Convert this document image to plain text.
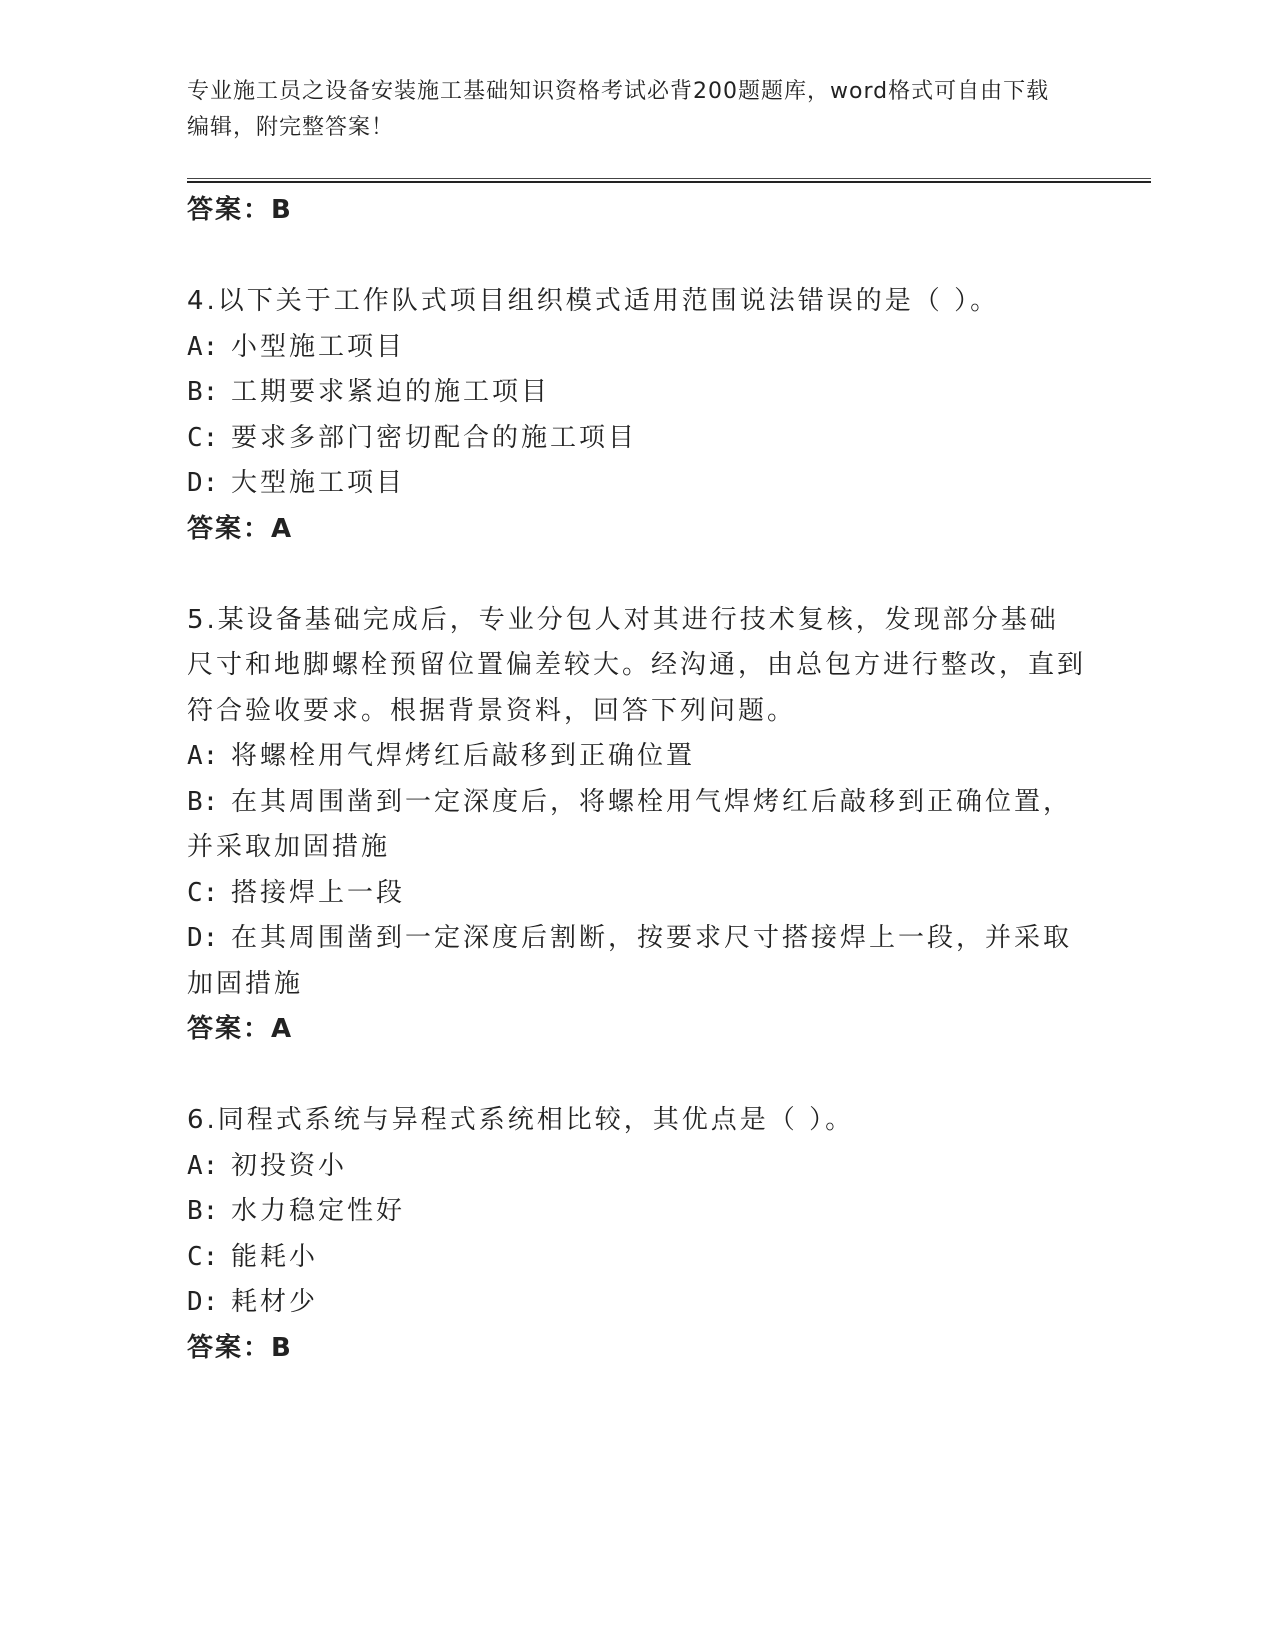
专业施工员之设备安装施工基础知识资格考试必背200题题库，word格式可自由下载编辑，附完整答案！

答案：B

4.以下关于工作队式项目组织模式适用范围说法错误的是（ ）。

A: 小型施工项目

B: 工期要求紧迫的施工项目

C: 要求多部门密切配合的施工项目

D: 大型施工项目

答案：A

5.某设备基础完成后，专业分包人对其进行技术复核，发现部分基础尺寸和地脚螺栓预留位置偏差较大。经沟通，由总包方进行整改，直到符合验收要求。根据背景资料，回答下列问题。

A: 将螺栓用气焊烤红后敲移到正确位置

B: 在其周围凿到一定深度后，将螺栓用气焊烤红后敲移到正确位置，并采取加固措施

C: 搭接焊上一段

D: 在其周围凿到一定深度后割断，按要求尺寸搭接焊上一段，并采取加固措施

答案：A

6.同程式系统与异程式系统相比较，其优点是（ ）。

A: 初投资小

B: 水力稳定性好

C: 能耗小

D: 耗材少

答案：B
